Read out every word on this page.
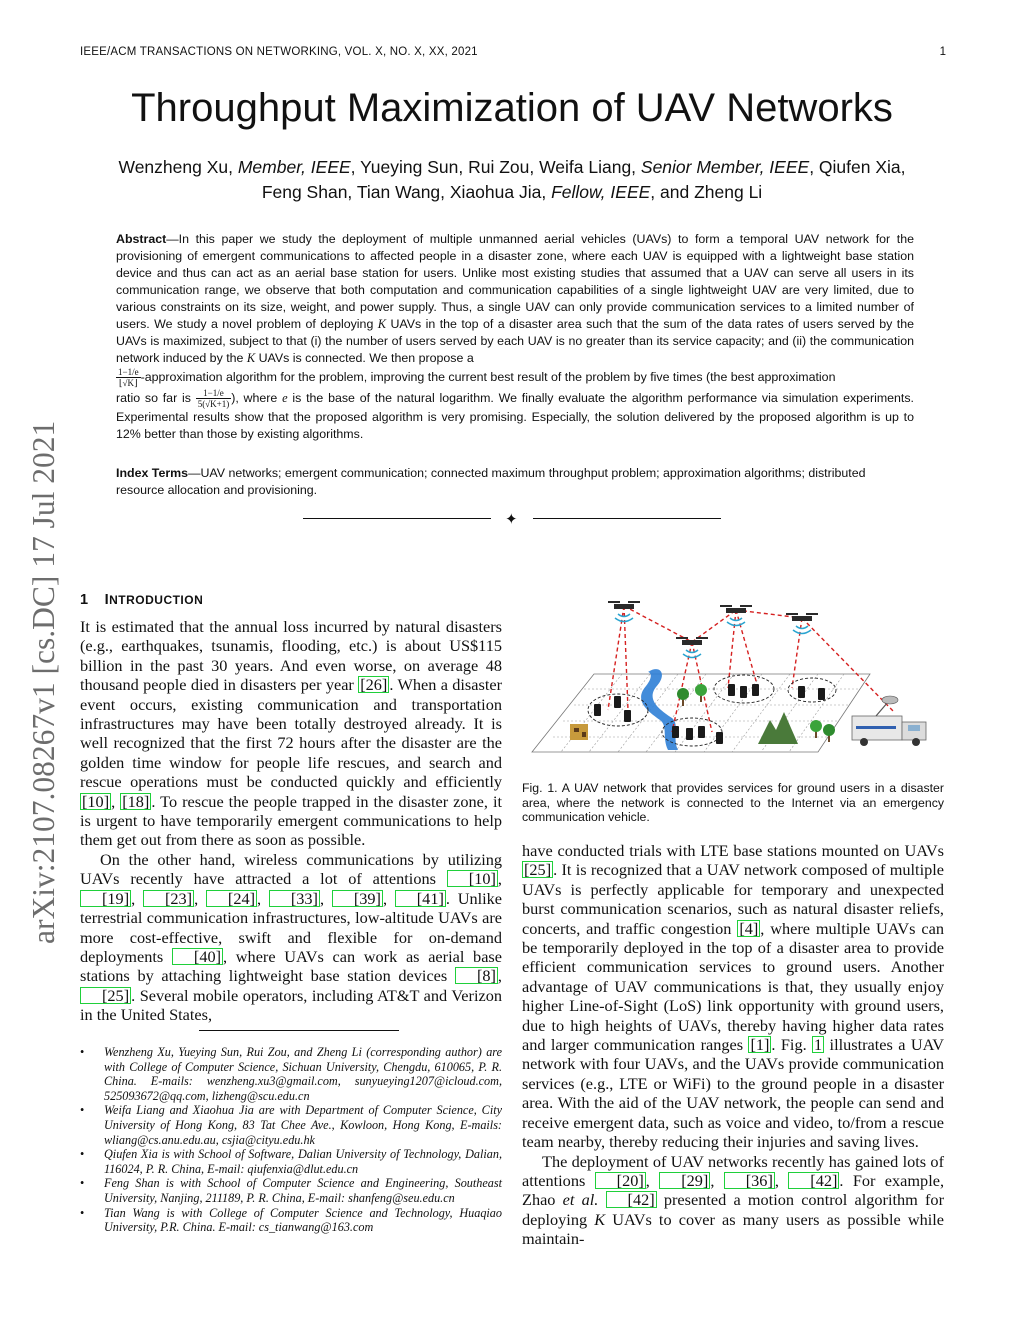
IEEE/ACM TRANSACTIONS ON NETWORKING, VOL. X, NO. X, XX, 2021	1
Throughput Maximization of UAV Networks
Wenzheng Xu, Member, IEEE, Yueying Sun, Rui Zou, Weifa Liang, Senior Member, IEEE, Qiufen Xia,
Feng Shan, Tian Wang, Xiaohua Jia, Fellow, IEEE, and Zheng Li
Abstract—In this paper we study the deployment of multiple unmanned aerial vehicles (UAVs) to form a temporal UAV network for the provisioning of emergent communications to affected people in a disaster zone, where each UAV is equipped with a lightweight base station device and thus can act as an aerial base station for users. Unlike most existing studies that assumed that a UAV can serve all users in its communication range, we observe that both computation and communication capabilities of a single lightweight UAV are very limited, due to various constraints on its size, weight, and power supply. Thus, a single UAV can only provide communication services to a limited number of users. We study a novel problem of deploying K UAVs in the top of a disaster area such that the sum of the data rates of users served by the UAVs is maximized, subject to that (i) the number of users served by each UAV is no greater than its service capacity; and (ii) the communication network induced by the K UAVs is connected. We then propose a

$\frac{1-1/e}{⌊√K⌋}$ -approximation algorithm for the problem, improving the current best result of the problem by five times (the best approximation
ratio so far is $\frac{1-1/e}{5(√K+1)}$ ), where e is the base of the natural logarithm. We finally evaluate the algorithm performance via simulation experiments. Experimental results show that the proposed algorithm is very promising. Especially, the solution delivered by the proposed algorithm is up to 12% better than those by existing algorithms.
Index Terms—UAV networks; emergent communication; connected maximum throughput problem; approximation algorithms; distributed resource allocation and provisioning.
✦
arXiv:2107.08267v1 [cs.DC] 17 Jul 2021 1 INTRODUCTION

It is estimated that the annual loss incurred by natural disasters (e.g., earthquakes, tsunamis, flooding, etc.) is about US$115 billion in the past 30 years. And even worse, on average 48 thousand people died in disasters per year [26] . When a disaster event occurs, existing communication and transportation infrastructures may have been totally destroyed already. It is well recognized that the first 72 hours after the disaster are the golden time window for people life rescues, and search and rescue operations must be conducted quickly and efficiently [10] , [18] . To rescue the people trapped in the disaster zone, it is urgent to have temporarily emergent communications to help them get out from there as soon as possible.

On the other hand, wireless communications by utilizing UAVs recently have attracted a lot of attentions [10] , [19] , [23] , [24] , [33] , [39] , [41] . Unlike terrestrial communication infrastructures, low-altitude UAVs are more cost-effective, swift and flexible for on-demand deployments [40] , where UAVs can work as aerial base stations by attaching lightweight base station devices [8] , [25] . Several mobile operators, including AT&T and Verizon in the United States,

• Wenzheng Xu, Yueying Sun, Rui Zou, and Zheng Li (corresponding author) are with College of Computer Science, Sichuan University, Chengdu, 610065, P. R. China. E-mails: wenzheng.xu3@gmail.com, sunyueying1207@icloud.com, 525093672@qq.com, lizheng@scu.edu.cn
• Weifa Liang and Xiaohua Jia are with Department of Computer Science, City University of Hong Kong, 83 Tat Chee Ave., Kowloon, Hong Kong, E-mails: wliang@cs.anu.edu.au, csjia@cityu.edu.hk
• Qiufen Xia is with School of Software, Dalian University of Technology, Dalian, 116024, P. R. China, E-mail: qiufenxia@dlut.edu.cn
• Feng Shan is with School of Computer Science and Engineering, Southeast University, Nanjing, 211189, P. R. China, E-mail: shanfeng@seu.edu.cn
• Tian Wang is with College of Computer Science and Technology, Huaqiao University, P.R. China. E-mail: cs_tianwang@163.com
Fig. 1. A UAV network that provides services for ground users in a disaster area, where the network is connected to the Internet via an emergency communication vehicle.

have conducted trials with LTE base stations mounted on UAVs [25] . It is recognized that a UAV network composed of multiple UAVs is perfectly applicable for temporary and unexpected burst communication scenarios, such as natural disaster reliefs, concerts, and traffic congestion [4] , where multiple UAVs can be temporarily deployed in the top of a disaster area to provide efficient communication services to ground users. Another advantage of UAV communications is that, they usually enjoy higher Line-of-Sight (LoS) link opportunity with ground users, due to high heights of UAVs, thereby having higher data rates and larger communication ranges [1] . Fig. 1 illustrates a UAV network with four UAVs, and the UAVs provide communication services (e.g., LTE or WiFi) to the ground people in a disaster area. With the aid of the UAV network, the people can send and receive emergent data, such as voice and video, to/from a rescue team nearby, thereby reducing their injuries and saving lives.

The deployment of UAV networks recently has gained lots of attentions [20] , [29] , [36] , [42] . For example, Zhao et al. [42] presented a motion control algorithm for deploying K UAVs to cover as many users as possible while maintain-
